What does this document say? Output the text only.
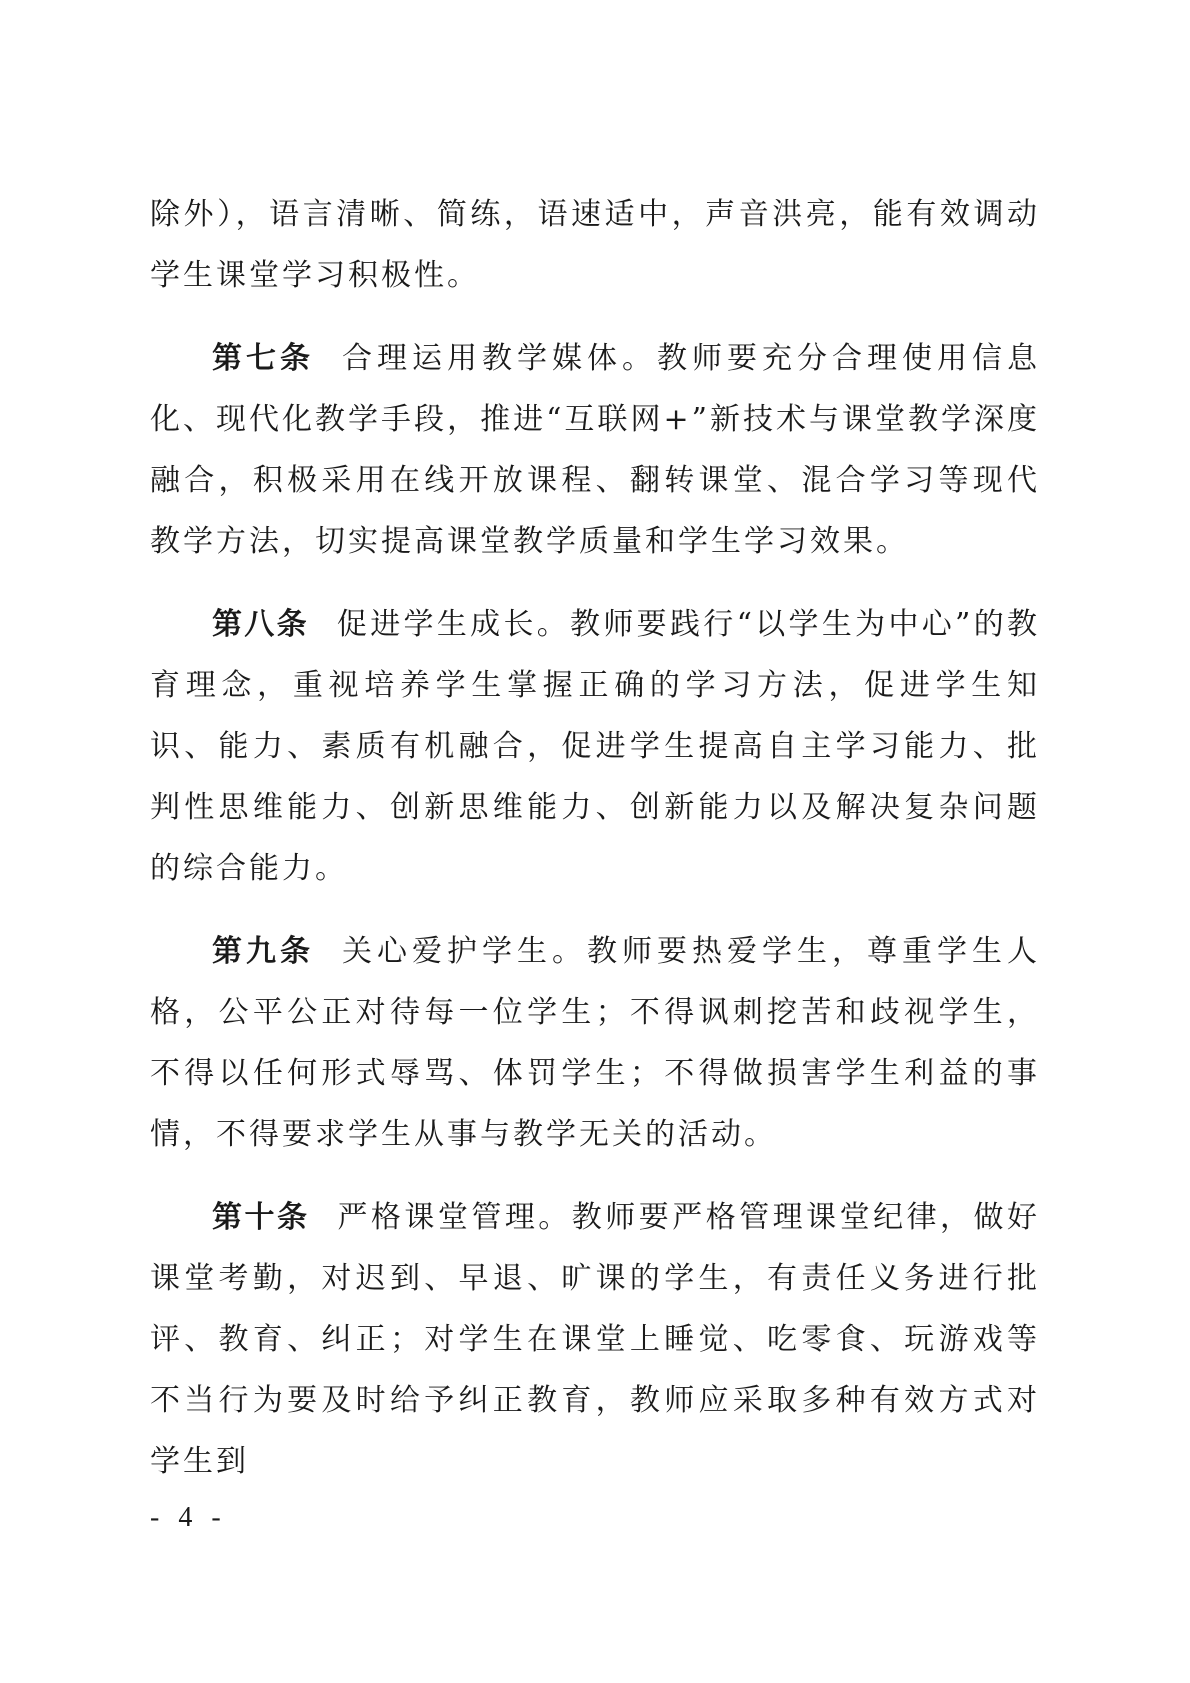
除外），语言清晰、简练，语速适中，声音洪亮，能有效调动学生课堂学习积极性。

第七条 合理运用教学媒体。教师要充分合理使用信息化、现代化教学手段，推进“互联网+”新技术与课堂教学深度融合，积极采用在线开放课程、翻转课堂、混合学习等现代教学方法，切实提高课堂教学质量和学生学习效果。

第八条 促进学生成长。教师要践行“以学生为中心”的教育理念，重视培养学生掌握正确的学习方法，促进学生知识、能力、素质有机融合，促进学生提高自主学习能力、批判性思维能力、创新思维能力、创新能力以及解决复杂问题的综合能力。

第九条 关心爱护学生。教师要热爱学生，尊重学生人格，公平公正对待每一位学生；不得讽刺挖苦和歧视学生，不得以任何形式辱骂、体罚学生；不得做损害学生利益的事情，不得要求学生从事与教学无关的活动。

第十条 严格课堂管理。教师要严格管理课堂纪律，做好课堂考勤，对迟到、早退、旷课的学生，有责任义务进行批评、教育、纠正；对学生在课堂上睡觉、吃零食、玩游戏等不当行为要及时给予纠正教育，教师应采取多种有效方式对学生到

- 4 -
